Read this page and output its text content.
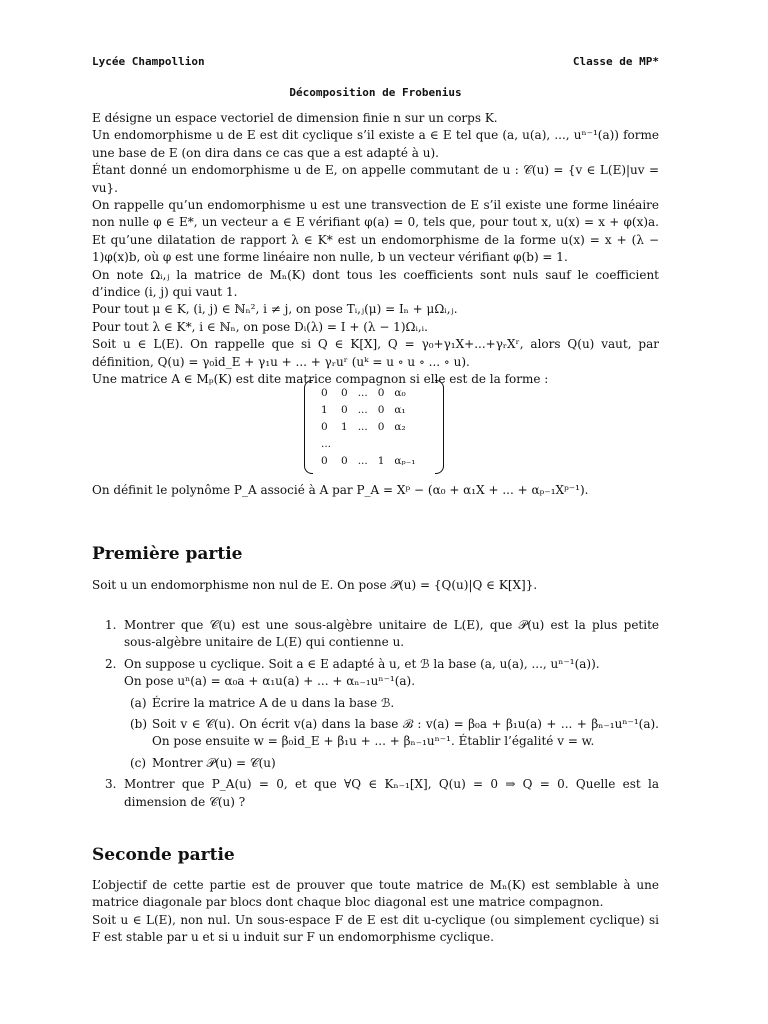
Lycée Champollion	Classe de MP*
Décomposition de Frobenius

E désigne un espace vectoriel de dimension finie n sur un corps K.

Un endomorphisme u de E est dit cyclique s’il existe a ∈ E tel que (a, u(a), ..., uⁿ⁻¹(a)) forme une base de E (on dira dans ce cas que a est adapté à u).

Étant donné un endomorphisme u de E, on appelle commutant de u : 𝒞(u) = {v ∈ L(E)|uv = vu}.

On rappelle qu’un endomorphisme u est une transvection de E s’il existe une forme linéaire non nulle φ ∈ E*, un vecteur a ∈ E vérifiant φ(a) = 0, tels que, pour tout x, u(x) = x + φ(x)a. Et qu’une dilatation de rapport λ ∈ K* est un endomorphisme de la forme u(x) = x + (λ − 1)φ(x)b, où φ est une forme linéaire non nulle, b un vecteur vérifiant φ(b) = 1.

On note Ωᵢ,ⱼ la matrice de Mₙ(K) dont tous les coefficients sont nuls sauf le coefficient d’indice (i, j) qui vaut 1.

Pour tout μ ∈ K, (i, j) ∈ ℕₙ², i ≠ j, on pose Tᵢ,ⱼ(μ) = Iₙ + μΩᵢ,ⱼ.

Pour tout λ ∈ K*, i ∈ ℕₙ, on pose Dᵢ(λ) = I + (λ − 1)Ωᵢ,ᵢ.

Soit u ∈ L(E). On rappelle que si Q ∈ K[X], Q = γ₀+γ₁X+...+γᵣXʳ, alors Q(u) vaut, par définition, Q(u) = γ₀id_E + γ₁u + ... + γᵣuʳ (uᵏ = u ∘ u ∘ ... ∘ u).

Une matrice A ∈ Mₚ(K) est dite matrice compagnon si elle est de la forme :

0	0	...	0	α₀
1	0	...	0	α₁
0	1	...	0	α₂
...				
0	0	...	1	αₚ₋₁
On définit le polynôme P_A associé à A par P_A = Xᵖ − (α₀ + α₁X + ... + αₚ₋₁Xᵖ⁻¹).
Première partie
Soit u un endomorphisme non nul de E. On pose 𝒫(u) = {Q(u)|Q ∈ K[X]}.
1. Montrer que 𝒞(u) est une sous-algèbre unitaire de L(E), que 𝒫(u) est la plus petite sous-algèbre unitaire de L(E) qui contienne u.
2. On suppose u cyclique. Soit a ∈ E adapté à u, et ℬ la base (a, u(a), ..., uⁿ⁻¹(a)).
On pose uⁿ(a) = α₀a + α₁u(a) + ... + αₙ₋₁uⁿ⁻¹(a).
(a) Écrire la matrice A de u dans la base ℬ.
(b) Soit v ∈ 𝒞(u). On écrit v(a) dans la base ℬ : v(a) = β₀a + β₁u(a) + ... + βₙ₋₁uⁿ⁻¹(a). On pose ensuite w = β₀id_E + β₁u + ... + βₙ₋₁uⁿ⁻¹. Établir l’égalité v = w.
(c) Montrer 𝒫(u) = 𝒞(u)
3. Montrer que P_A(u) = 0, et que ∀Q ∈ Kₙ₋₁[X], Q(u) = 0 ⇒ Q = 0. Quelle est la dimension de 𝒞(u) ?
Seconde partie
L’objectif de cette partie est de prouver que toute matrice de Mₙ(K) est semblable à une matrice diagonale par blocs dont chaque bloc diagonal est une matrice compagnon.
Soit u ∈ L(E), non nul. Un sous-espace F de E est dit u-cyclique (ou simplement cyclique) si F est stable par u et si u induit sur F un endomorphisme cyclique.
